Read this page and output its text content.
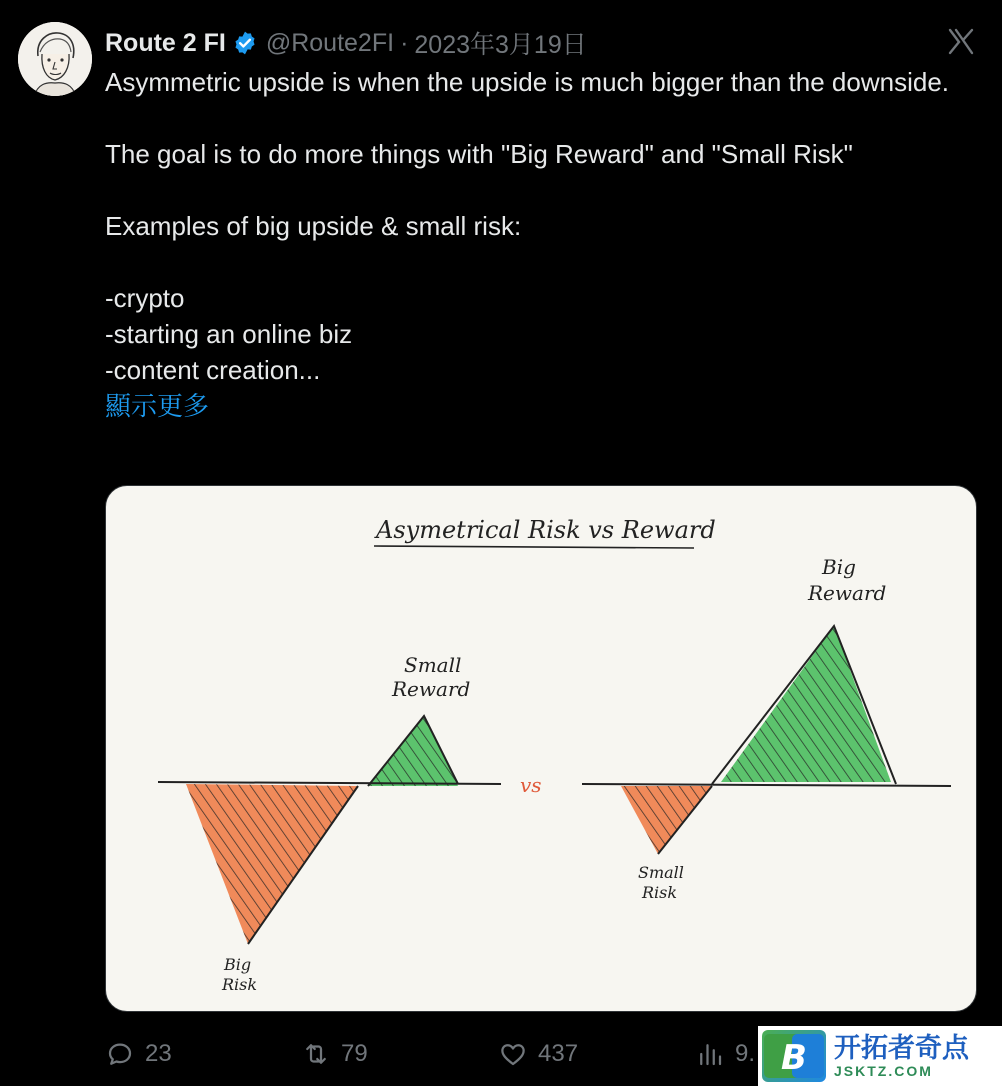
Route 2 FI @Route2FI · 2023年3月19日

Asymmetric upside is when the upside is much bigger than the downside.

The goal is to do more things with "Big Reward" and "Small Risk"

Examples of big upside & small risk:

-crypto
-starting an online biz
-content creation...

顯示更多
Asymetrical Risk vs Reward
Small
Reward
Big
Risk
vs
Big
Reward
Small
Risk
23	79	437	9. B 开拓者奇点
JSKTZ.COM
